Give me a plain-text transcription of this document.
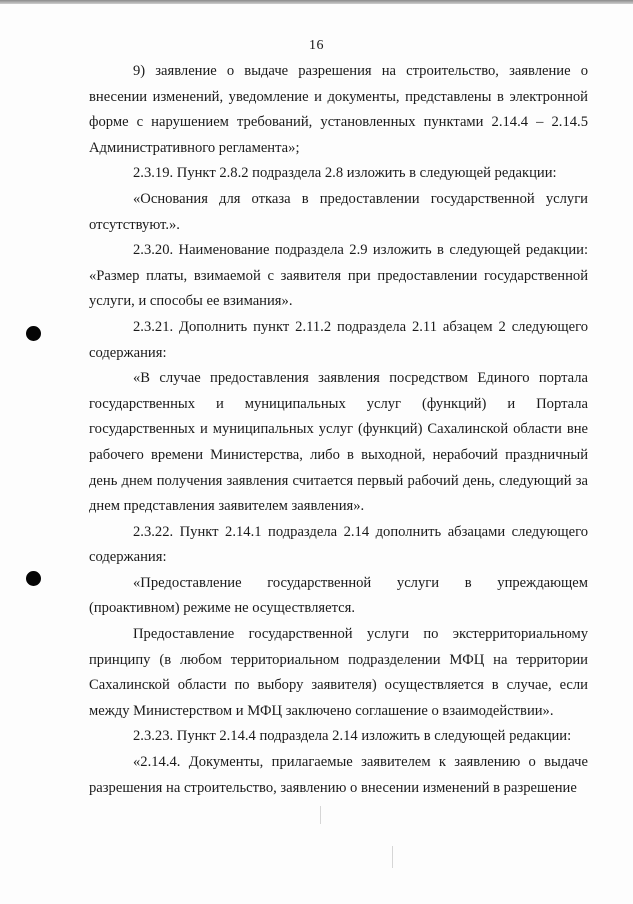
16

9) заявление о выдаче разрешения на строительство, заявление о внесении изменений, уведомление и документы, представлены в электронной форме с нарушением требований, установленных пунктами 2.14.4 – 2.14.5 Административного регламента»;

2.3.19. Пункт 2.8.2 подраздела 2.8 изложить в следующей редакции:

«Основания для отказа в предоставлении государственной услуги отсутствуют.».

2.3.20. Наименование подраздела 2.9 изложить в следующей редакции: «Размер платы, взимаемой с заявителя при предоставлении государственной услуги, и способы ее взимания».

2.3.21. Дополнить пункт 2.11.2 подраздела 2.11 абзацем 2 следующего содержания:

«В случае предоставления заявления посредством Единого портала государственных и муниципальных услуг (функций) и Портала государственных и муниципальных услуг (функций) Сахалинской области вне рабочего времени Министерства, либо в выходной, нерабочий праздничный день днем получения заявления считается первый рабочий день, следующий за днем представления заявителем заявления».

2.3.22. Пункт 2.14.1 подраздела 2.14 дополнить абзацами следующего содержания:

«Предоставление государственной услуги в упреждающем (проактивном) режиме не осуществляется.

Предоставление государственной услуги по экстерриториальному принципу (в любом территориальном подразделении МФЦ на территории Сахалинской области по выбору заявителя) осуществляется в случае, если между Министерством и МФЦ заключено соглашение о взаимодействии».

2.3.23. Пункт 2.14.4 подраздела 2.14 изложить в следующей редакции:

«2.14.4. Документы, прилагаемые заявителем к заявлению о выдаче разрешения на строительство, заявлению о внесении изменений в разрешение
